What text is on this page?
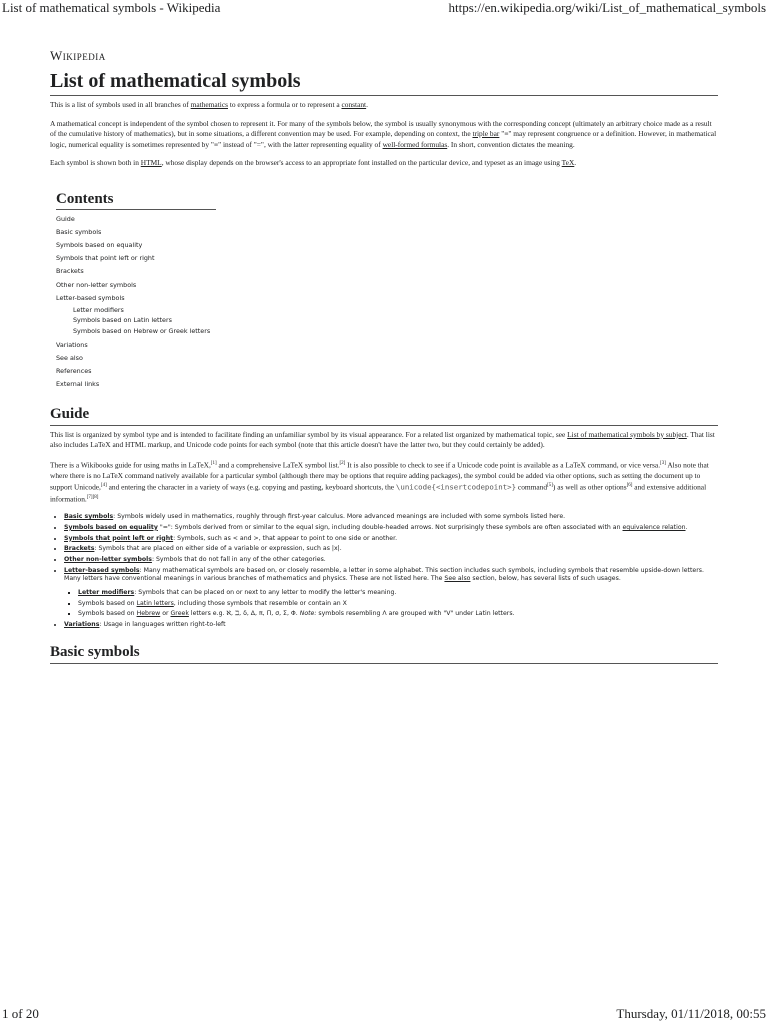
List of mathematical symbols - Wikipedia	https://en.wikipedia.org/wiki/List_of_mathematical_symbols
Wikipedia
List of mathematical symbols

This is a list of symbols used in all branches of mathematics to express a formula or to represent a constant.

A mathematical concept is independent of the symbol chosen to represent it. For many of the symbols below, the symbol is usually synonymous with the corresponding concept (ultimately an arbitrary choice made as a result of the cumulative history of mathematics), but in some situations, a different convention may be used. For example, depending on context, the triple bar "≡" may represent congruence or a definition. However, in mathematical logic, numerical equality is sometimes represented by "≡" instead of "=", with the latter representing equality of well-formed formulas. In short, convention dictates the meaning.

Each symbol is shown both in HTML, whose display depends on the browser's access to an appropriate font installed on the particular device, and typeset as an image using TeX.

Contents
Guide
Basic symbols
Symbols based on equality
Symbols that point left or right
Brackets
Other non-letter symbols
Letter-based symbols
Letter modifiers
Symbols based on Latin letters
Symbols based on Hebrew or Greek letters
Variations
See also
References
External links
Guide

This list is organized by symbol type and is intended to facilitate finding an unfamiliar symbol by its visual appearance. For a related list organized by mathematical topic, see List of mathematical symbols by subject. That list also includes LaTeX and HTML markup, and Unicode code points for each symbol (note that this article doesn't have the latter two, but they could certainly be added).

There is a Wikibooks guide for using maths in LaTeX,[1] and a comprehensive LaTeX symbol list.[2] It is also possible to check to see if a Unicode code point is available as a LaTeX command, or vice versa.[3] Also note that where there is no LaTeX command natively available for a particular symbol (although there may be options that require adding packages), the symbol could be added via other options, such as setting the document up to support Unicode,[4] and entering the character in a variety of ways (e.g. copying and pasting, keyboard shortcuts, the \unicode{<insertcodepoint>} command[5]) as well as other options[6] and extensive additional information.[7][8]

• Basic symbols: Symbols widely used in mathematics, roughly through first-year calculus. More advanced meanings are included with some symbols listed here.
• Symbols based on equality "=": Symbols derived from or similar to the equal sign, including double-headed arrows. Not surprisingly these symbols are often associated with an equivalence relation.
• Symbols that point left or right: Symbols, such as < and >, that appear to point to one side or another.
• Brackets: Symbols that are placed on either side of a variable or expression, such as |x|.
• Other non-letter symbols: Symbols that do not fall in any of the other categories.
• Letter-based symbols: Many mathematical symbols are based on, or closely resemble, a letter in some alphabet. This section includes such symbols, including symbols that resemble upside-down letters. Many letters have conventional meanings in various branches of mathematics and physics. These are not listed here. The See also section, below, has several lists of such usages.
▪ Letter modifiers: Symbols that can be placed on or next to any letter to modify the letter's meaning.
▪ Symbols based on Latin letters, including those symbols that resemble or contain an X
▪ Symbols based on Hebrew or Greek letters e.g. ℵ, ℶ, δ, Δ, π, Π, σ, Σ, Φ. Note: symbols resembling Λ are grouped with "V" under Latin letters.
• Variations: Usage in languages written right-to-left
Basic symbols
1 of 20	Thursday, 01/11/2018, 00:55
